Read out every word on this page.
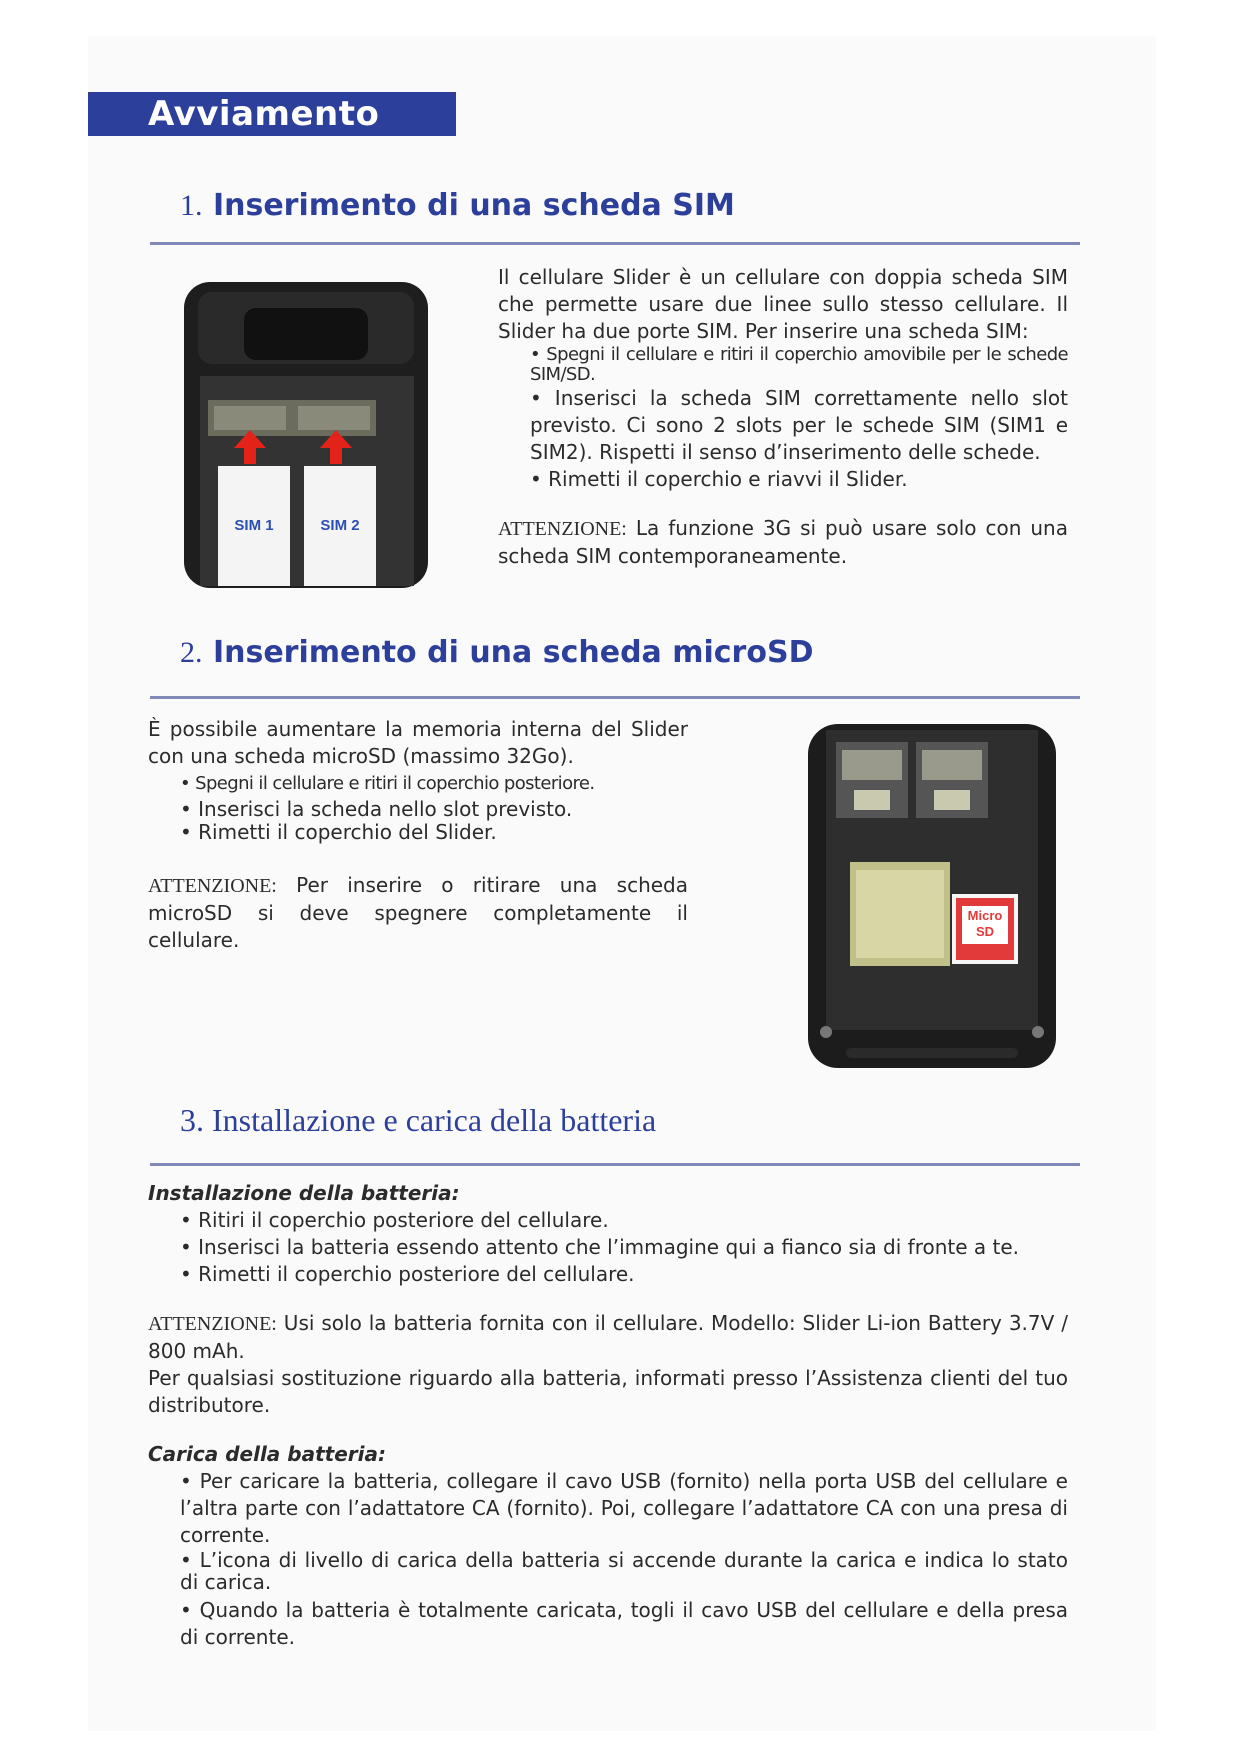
Avviamento
1. Inserimento di una scheda SIM
SIM 1	SIM 2

Il cellulare Slider è un cellulare con doppia scheda SIM che permette usare due linee sullo stesso cellulare. Il Slider ha due porte SIM. Per inserire una scheda SIM:

• Spegni il cellulare e ritiri il coperchio amovibile per le schede SIM/SD.

• Inserisci la scheda SIM correttamente nello slot previsto. Ci sono 2 slots per le schede SIM (SIM1 e SIM2). Rispetti il senso d’inserimento delle schede.

• Rimetti il coperchio e riavvi il Slider.

ATTENZIONE: La funzione 3G si può usare solo con una scheda SIM contemporaneamente.

2. Inserimento di una scheda microSD

È possibile aumentare la memoria interna del Slider con una scheda microSD (massimo 32Go).

• Spegni il cellulare e ritiri il coperchio posteriore.

• Inserisci la scheda nello slot previsto.

• Rimetti il coperchio del Slider.

ATTENZIONE: Per inserire o ritirare una scheda microSD si deve spegnere completamente il cellulare.

Micro
SD
3. Installazione e carica della batteria

Installazione della batteria:

• Ritiri il coperchio posteriore del cellulare.

• Inserisci la batteria essendo attento che l’immagine qui a fianco sia di fronte a te.

• Rimetti il coperchio posteriore del cellulare.

ATTENZIONE: Usi solo la batteria fornita con il cellulare. Modello: Slider Li-ion Battery 3.7V / 800 mAh.

Per qualsiasi sostituzione riguardo alla batteria, informati presso l’Assistenza clienti del tuo distributore.

Carica della batteria:

• Per caricare la batteria, collegare il cavo USB (fornito) nella porta USB del cellulare e l’altra parte con l’adattatore CA (fornito). Poi, collegare l’adattatore CA con una presa di corrente.

• L’icona di livello di carica della batteria si accende durante la carica e indica lo stato di carica.

• Quando la batteria è totalmente caricata, togli il cavo USB del cellulare e della presa di corrente.
